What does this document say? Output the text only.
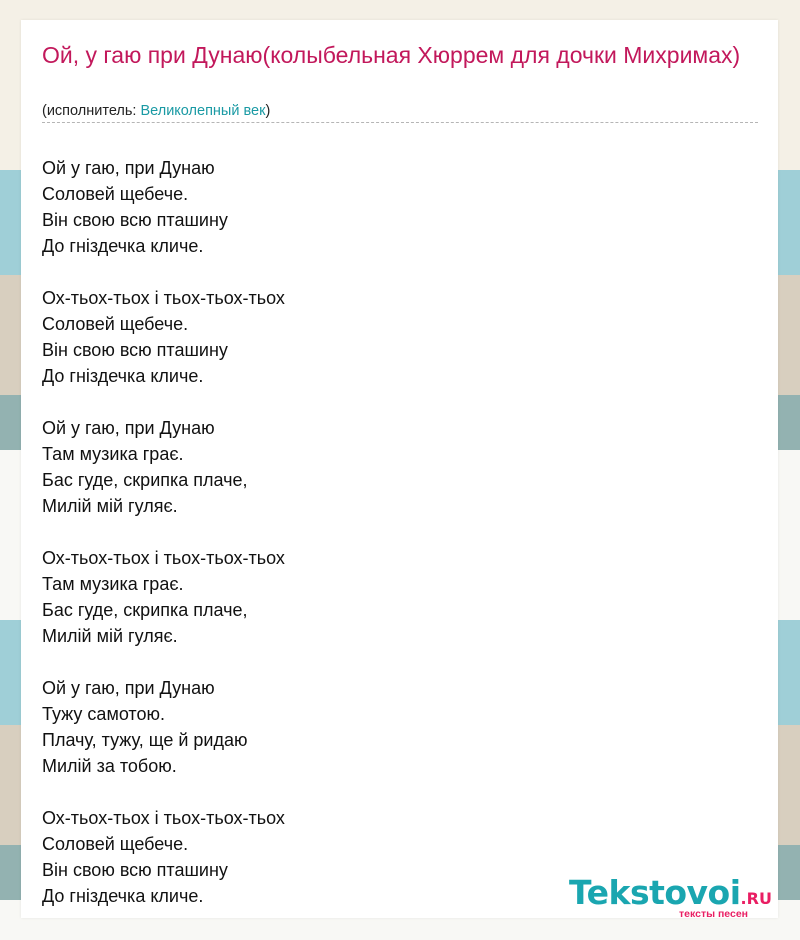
Ой, у гаю при Дунаю(колыбельная Хюррем для дочки Михримах)
(исполнитель: Великолепный век)
Ой у гаю, при Дунаю
Соловей щебече.
Він свою всю пташину
До гніздечка кличе.
Ох-тьох-тьох і тьох-тьох-тьох
Соловей щебече.
Він свою всю пташину
До гніздечка кличе.
Ой у гаю, при Дунаю
Там музика грає.
Бас гуде, скрипка плаче,
Милій мій гуляє.
Ох-тьох-тьох і тьох-тьох-тьох
Там музика грає.
Бас гуде, скрипка плаче,
Милій мій гуляє.
Ой у гаю, при Дунаю
Тужу самотою.
Плачу, тужу, ще й ридаю
Милій за тобою.
Ох-тьох-тьох і тьох-тьох-тьох
Соловей щебече.
Він свою всю пташину
До гніздечка кличе.	Tekstovoi.RU
тексты песен
